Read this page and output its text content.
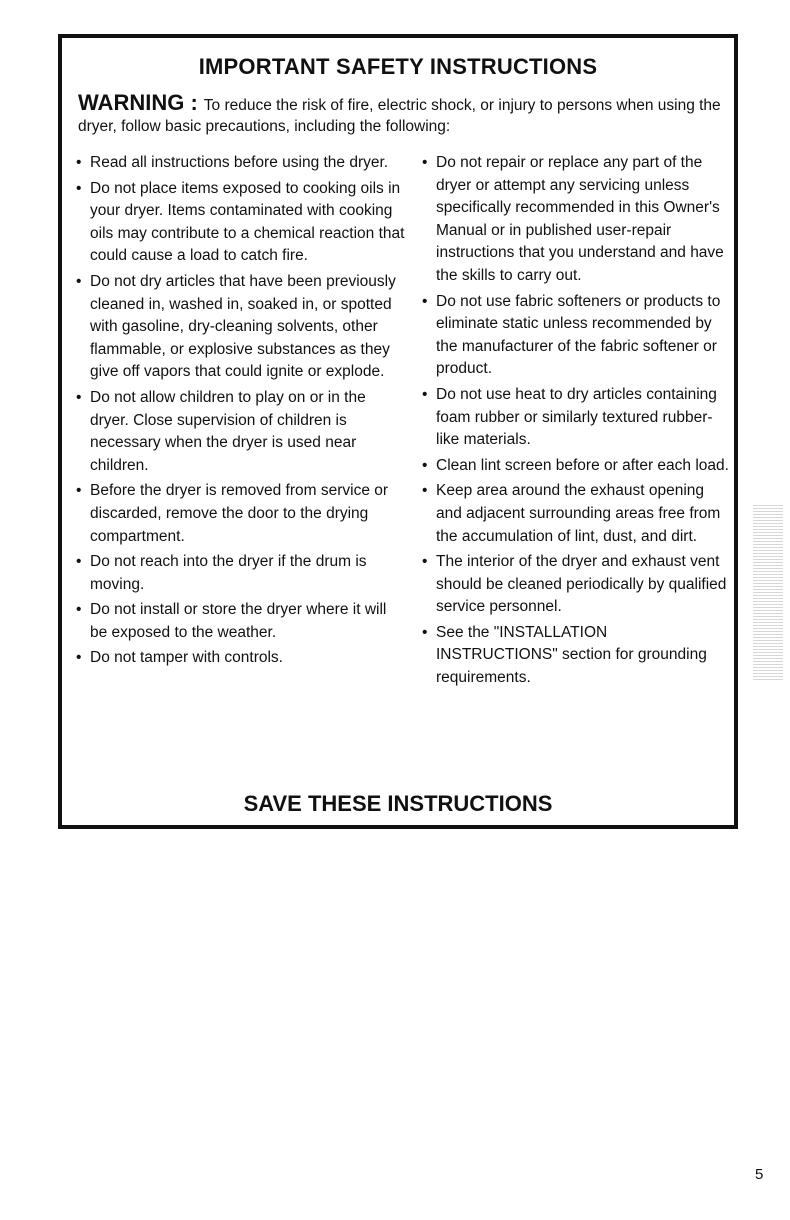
IMPORTANT SAFETY INSTRUCTIONS
WARNING : To reduce the risk of fire, electric shock, or injury to persons when using the dryer, follow basic precautions, including the following:
• Read all instructions before using the dryer.
• Do not place items exposed to cooking oils in your dryer. Items contaminated with cooking oils may contribute to a chemical reaction that could cause a load to catch fire.
• Do not dry articles that have been previously cleaned in, washed in, soaked in, or spotted with gasoline, dry-cleaning solvents, other flammable, or explosive substances as they give off vapors that could ignite or explode.
• Do not allow children to play on or in the dryer. Close supervision of children is necessary when the dryer is used near children.
• Before the dryer is removed from service or discarded, remove the door to the drying compartment.
• Do not reach into the dryer if the drum is moving.
• Do not install or store the dryer where it will be exposed to the weather.
• Do not tamper with controls.
• Do not repair or replace any part of the dryer or attempt any servicing unless specifically recommended in this Owner's Manual or in published user-repair instructions that you understand and have the skills to carry out.
• Do not use fabric softeners or products to eliminate static unless recommended by the manufacturer of the fabric softener or product.
• Do not use heat to dry articles containing foam rubber or similarly textured rubber-like materials.
• Clean lint screen before or after each load.
• Keep area around the exhaust opening and adjacent surrounding areas free from the accumulation of lint, dust, and dirt.
• The interior of the dryer and exhaust vent should be cleaned periodically by qualified service personnel.
• See the "INSTALLATION INSTRUCTIONS" section for grounding requirements.
SAVE THESE INSTRUCTIONS
5
